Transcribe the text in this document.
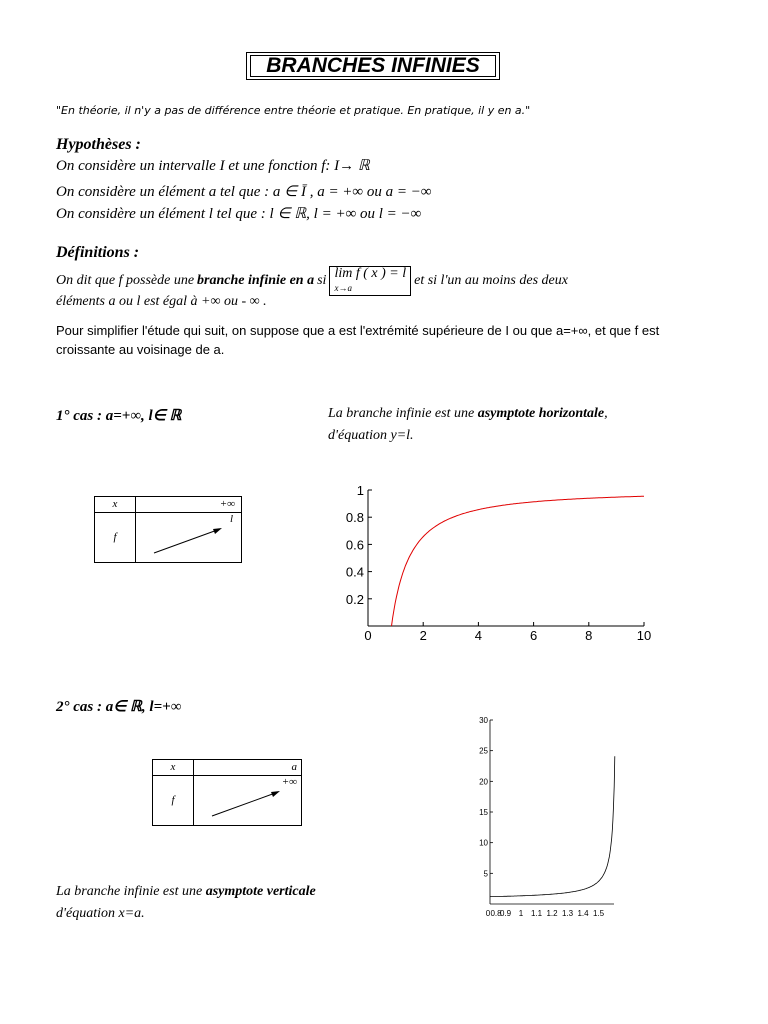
BRANCHES INFINIES
"En théorie, il n'y a pas de différence entre théorie et pratique. En pratique, il y en a."
Hypothèses :
On considère un intervalle I et une fonction f: I→ ℝ
On considère un élément a tel que : a ∈ Ī , a = +∞ ou a = −∞
On considère un élément l tel que : l ∈ ℝ, l = +∞ ou l = −∞
Définitions :
On dit que f possède une branche infinie en a si lim f ( x ) = l
x→a	et si l'un au moins des deux
éléments a ou l est égal à +∞ ou - ∞ .
Pour simplifier l'étude qui suit, on suppose que a est l'extrémité supérieure de I ou que a=+∞, et que f est croissante au voisinage de a.
1° cas : a=+∞, l∈ ℝ	La branche infinie est une asymptote horizontale,
d'équation y=l.
x	+∞
f	l
0	2	4	6	8	10
0.2
0.4
0.6
0.8
1
2° cas : a∈ ℝ, l=+∞
x	a
f	+∞
La branche infinie est une asymptote verticale
d'équation x=a.	0 0.8
0.9 1 1.1 1.2 1.3 1.4 1.5
5
10
15
20
25
30
